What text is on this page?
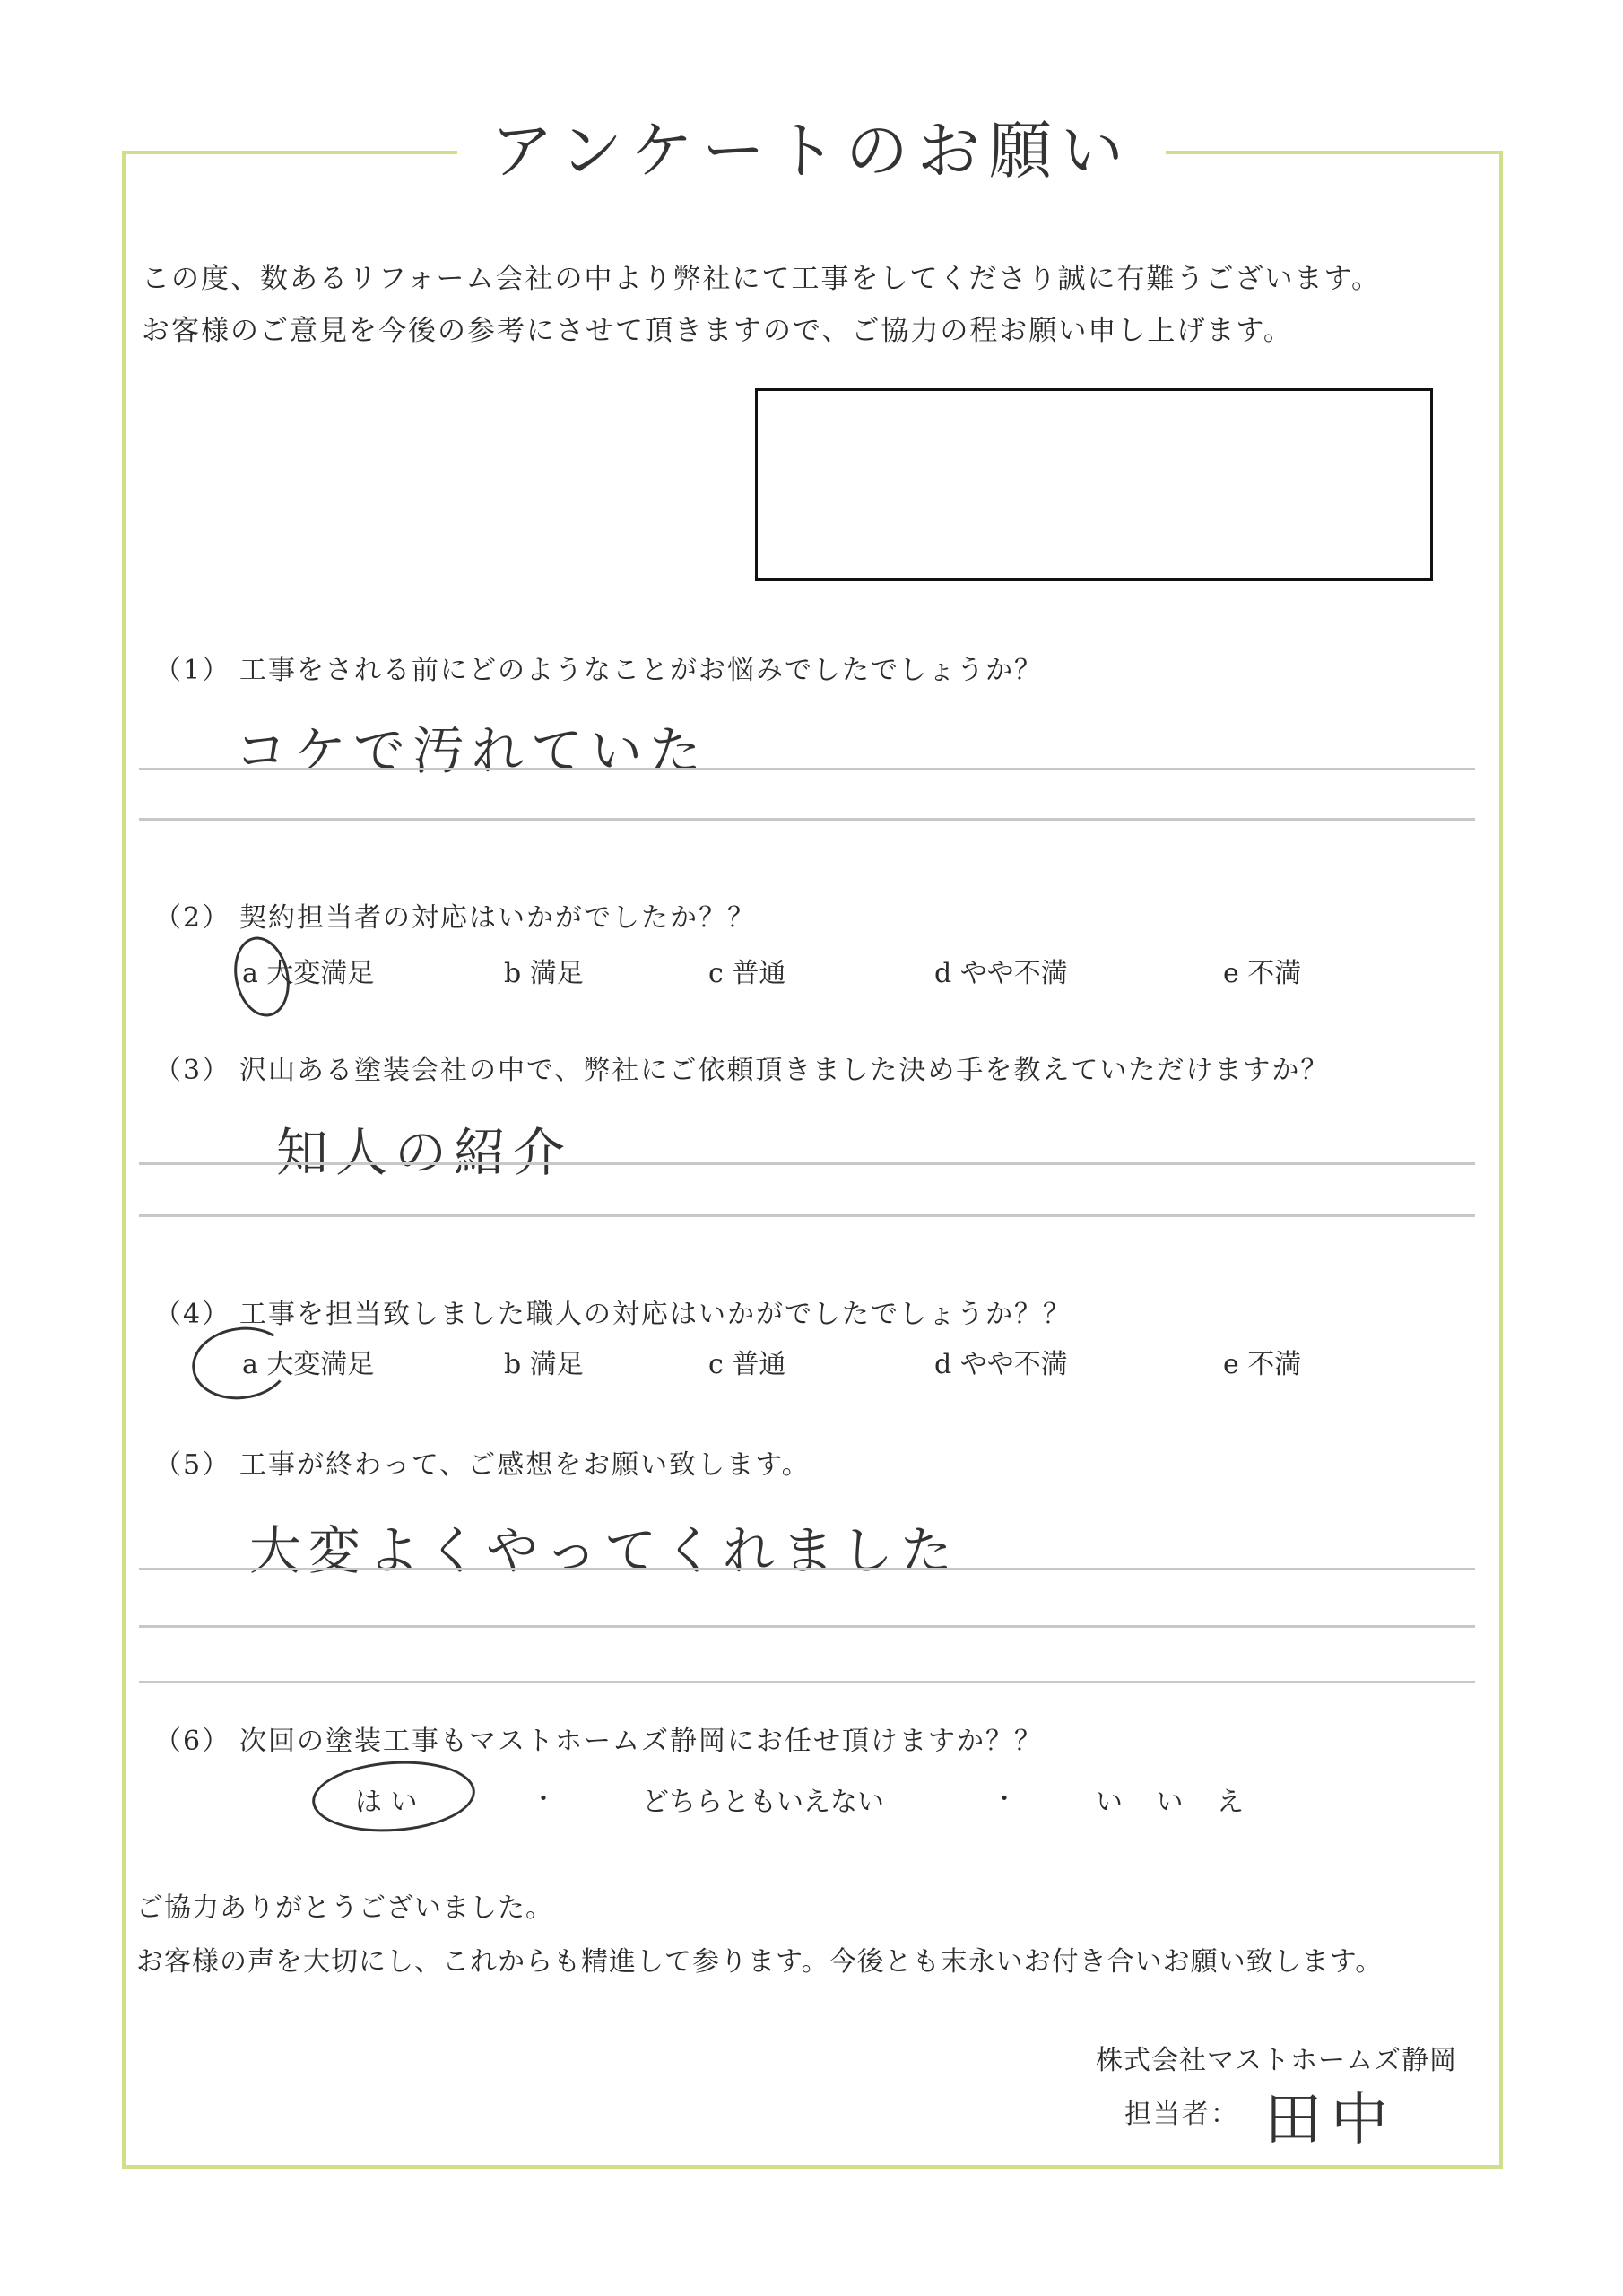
アンケートのお願い
この度、数あるリフォーム会社の中より弊社にて工事をしてくださり誠に有難うございます。
お客様のご意見を今後の参考にさせて頂きますので、ご協力の程お願い申し上げます。
（1） 工事をされる前にどのようなことがお悩みでしたでしょうか？
コケで汚れていた
（2） 契約担当者の対応はいかがでしたか？？
a 大変満足	b 満足	c 普通	d やや不満	e 不満
（3） 沢山ある塗装会社の中で、弊社にご依頼頂きました決め手を教えていただけますか？
知人の紹介
（4） 工事を担当致しました職人の対応はいかがでしたでしょうか？？
a 大変満足	b 満足	c 普通	d やや不満	e 不満
（5） 工事が終わって、ご感想をお願い致します。
大変よくやってくれました
（6） 次回の塗装工事もマストホームズ静岡にお任せ頂けますか？？
は い	・	どちらともいえない	・	い い え
ご協力ありがとうございました。
お客様の声を大切にし、これからも精進して参ります。今後とも末永いお付き合いお願い致します。
株式会社マストホームズ静岡
担当者： 田中
